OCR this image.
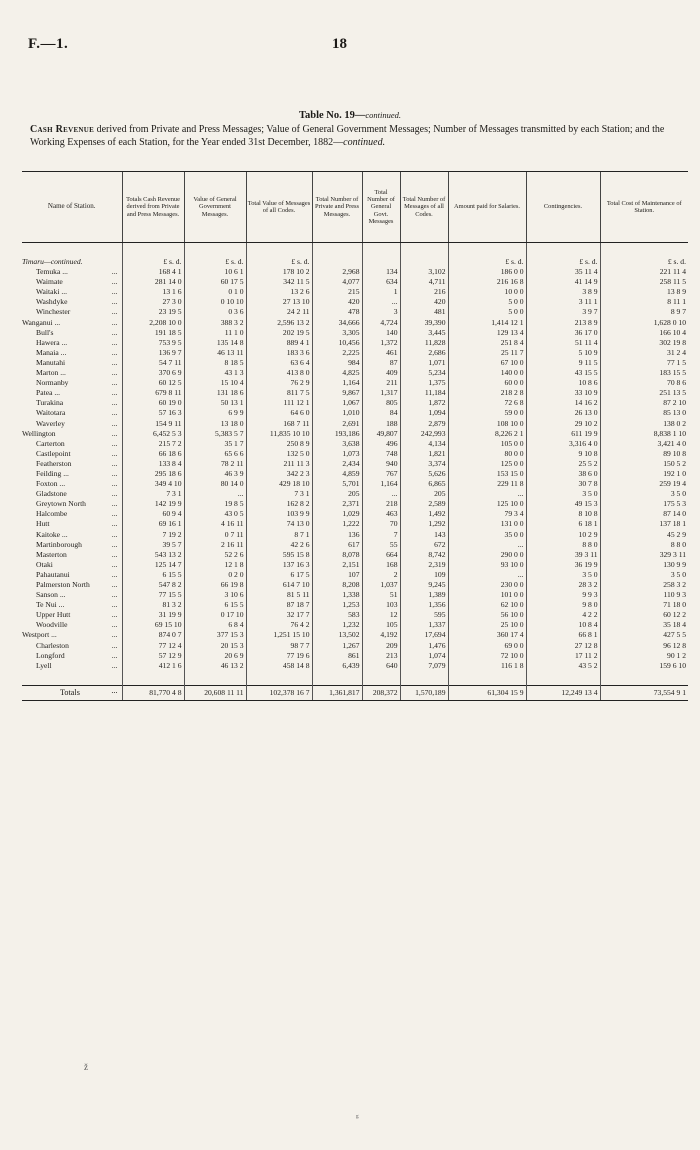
F.—1.	18
Table No. 19—continued.
Cash Revenue derived from Private and Press Messages; Value of General Government Messages; Number of Messages transmitted by each Station; and the Working Expenses of each Station, for the Year ended 31st December, 1882—continued.
Name of Station.	Totals Cash Revenue derived from Private and Press Messages.	Value of General Government Messages.	Total Value of Messages of all Codes.	Total Number of Private and Press Messages.	Total Number of General Govt. Messages	Total Number of Messages of all Codes.	Amount paid for Salaries.	Contingencies.	Total Cost of Maintenance of Station.

Timaru—continued.	£ s. d.	£ s. d.	£ s. d.				£ s. d.	£ s. d.	£ s. d.
Temuka ... ...	168 4 1	10 6 1	178 10 2	2,968	134	3,102	186 0 0	35 11 4	221 11 4
Waimate ...	281 14 0	60 17 5	342 11 5	4,077	634	4,711	216 16 8	41 14 9	258 11 5
Waitaki ... ...	13 1 6	0 1 0	13 2 6	215	1	216	10 0 0	3 8 9	13 8 9
Washdyke ...	27 3 0	0 10 10	27 13 10	420	...	420	5 0 0	3 11 1	8 11 1
Winchester ...	23 19 5	0 3 6	24 2 11	478	3	481	5 0 0	3 9 7	8 9 7
Wanganui ... ...	2,208 10 0	388 3 2	2,596 13 2	34,666	4,724	39,390	1,414 12 1	213 8 9	1,628 0 10
Bull's ...	191 18 5	11 1 0	202 19 5	3,305	140	3,445	129 13 4	36 17 0	166 10 4
Hawera ... ...	753 9 5	135 14 8	889 4 1	10,456	1,372	11,828	251 8 4	51 11 4	302 19 8
Manaia ... ...	136 9 7	46 13 11	183 3 6	2,225	461	2,686	25 11 7	5 10 9	31 2 4
Manutahi ...	54 7 11	8 18 5	63 6 4	984	87	1,071	67 10 0	9 11 5	77 1 5
Marton ... ...	370 6 9	43 1 3	413 8 0	4,825	409	5,234	140 0 0	43 15 5	183 15 5
Normanby ...	60 12 5	15 10 4	76 2 9	1,164	211	1,375	60 0 0	10 8 6	70 8 6
Patea ... ...	679 8 11	131 18 6	811 7 5	9,867	1,317	11,184	218 2 8	33 10 9	251 13 5
Turakina ...	60 19 0	50 13 1	111 12 1	1,067	805	1,872	72 6 8	14 16 2	87 2 10
Waitotara ...	57 16 3	6 9 9	64 6 0	1,010	84	1,094	59 0 0	26 13 0	85 13 0
Waverley ...	154 9 11	13 18 0	168 7 11	2,691	188	2,879	108 10 0	29 10 2	138 0 2
Wellington ...	6,452 5 3	5,383 5 7	11,835 10 10	193,186	49,807	242,993	8,226 2 1	611 19 9	8,838 1 10
Carterton ...	215 7 2	35 1 7	250 8 9	3,638	496	4,134	105 0 0	3,316 4 0	3,421 4 0
Castlepoint ...	66 18 6	65 6 6	132 5 0	1,073	748	1,821	80 0 0	9 10 8	89 10 8
Featherston ...	133 8 4	78 2 11	211 11 3	2,434	940	3,374	125 0 0	25 5 2	150 5 2
Feilding ... ...	295 18 6	46 3 9	342 2 3	4,859	767	5,626	153 15 0	38 6 0	192 1 0
Foxton ... ...	349 4 10	80 14 0	429 18 10	5,701	1,164	6,865	229 11 8	30 7 8	259 19 4
Gladstone ...	7 3 1	...	7 3 1	205	...	205	...	3 5 0	3 5 0
Greytown North ...	142 19 9	19 8 5	162 8 2	2,371	218	2,589	125 10 0	49 15 3	175 5 3
Halcombe ...	60 9 4	43 0 5	103 9 9	1,029	463	1,492	79 3 4	8 10 8	87 14 0
Hutt ...	69 16 1	4 16 11	74 13 0	1,222	70	1,292	131 0 0	6 18 1	137 18 1
Kaitoke ... ...	7 19 2	0 7 11	8 7 1	136	7	143	35 0 0	10 2 9	45 2 9
Martinborough ...	39 5 7	2 16 11	42 2 6	617	55	672	...	8 8 0	8 8 0
Masterton ...	543 13 2	52 2 6	595 15 8	8,078	664	8,742	290 0 0	39 3 11	329 3 11
Otaki ...	125 14 7	12 1 8	137 16 3	2,151	168	2,319	93 10 0	36 19 9	130 9 9
Pahautanui ...	6 15 5	0 2 0	6 17 5	107	2	109	...	3 5 0	3 5 0
Palmerston North ...	547 8 2	66 19 8	614 7 10	8,208	1,037	9,245	230 0 0	28 3 2	258 3 2
Sanson ... ...	77 15 5	3 10 6	81 5 11	1,338	51	1,389	101 0 0	9 9 3	110 9 3
Te Nui ... ...	81 3 2	6 15 5	87 18 7	1,253	103	1,356	62 10 0	9 8 0	71 18 0
Upper Hutt ...	31 19 9	0 17 10	32 17 7	583	12	595	56 10 0	4 2 2	60 12 2
Woodville ...	69 15 10	6 8 4	76 4 2	1,232	105	1,337	25 10 0	10 8 4	35 18 4
Westport ... ...	874 0 7	377 15 3	1,251 15 10	13,502	4,192	17,694	360 17 4	66 8 1	427 5 5
Charleston ...	77 12 4	20 15 3	98 7 7	1,267	209	1,476	69 0 0	27 12 8	96 12 8
Longford ...	57 12 9	20 6 9	77 19 6	861	213	1,074	72 10 0	17 11 2	90 1 2
Lyell ...	412 1 6	46 13 2	458 14 8	6,439	640	7,079	116 1 8	43 5 2	159 6 10

Totals ...	81,770 4 8	20,608 11 11	102,378 16 7	1,361,817	208,372	1,570,189	61,304 15 9	12,249 13 4	73,554 9 1
ž
ᵍ
